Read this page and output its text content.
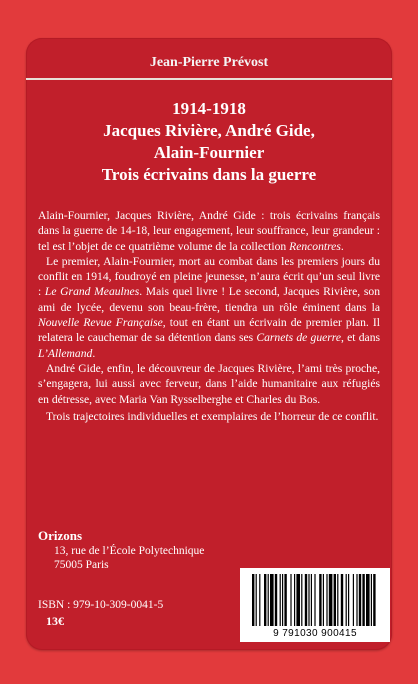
Jean-Pierre Prévost
1914-1918
Jacques Rivière, André Gide,
Alain-Fournier
Trois écrivains dans la guerre

Alain-Fournier, Jacques Rivière, André Gide : trois écrivains français dans la guerre de 14-18, leur engagement, leur souffrance, leur grandeur : tel est l’objet de ce quatrième volume de la collection Rencontres.

Le premier, Alain-Fournier, mort au combat dans les premiers jours du conflit en 1914, foudroyé en pleine jeunesse, n’aura écrit qu’un seul livre : Le Grand Meaulnes. Mais quel livre ! Le second, Jacques Rivière, son ami de lycée, devenu son beau-frère, tiendra un rôle éminent dans la Nouvelle Revue Française, tout en étant un écrivain de premier plan. Il relatera le cauchemar de sa détention dans ses Carnets de guerre, et dans L’Allemand.

André Gide, enfin, le découvreur de Jacques Rivière, l’ami très proche, s’engagera, lui aussi avec ferveur, dans l’aide humanitaire aux réfugiés en détresse, avec Maria Van Rysselberghe et Charles du Bos.

Trois trajectoires individuelles et exemplaires de l’horreur de ce conflit.

Orizons
13, rue de l’École Polytechnique
75005 Paris
ISBN : 979-10-309-0041-5
13€
9 791030 900415
